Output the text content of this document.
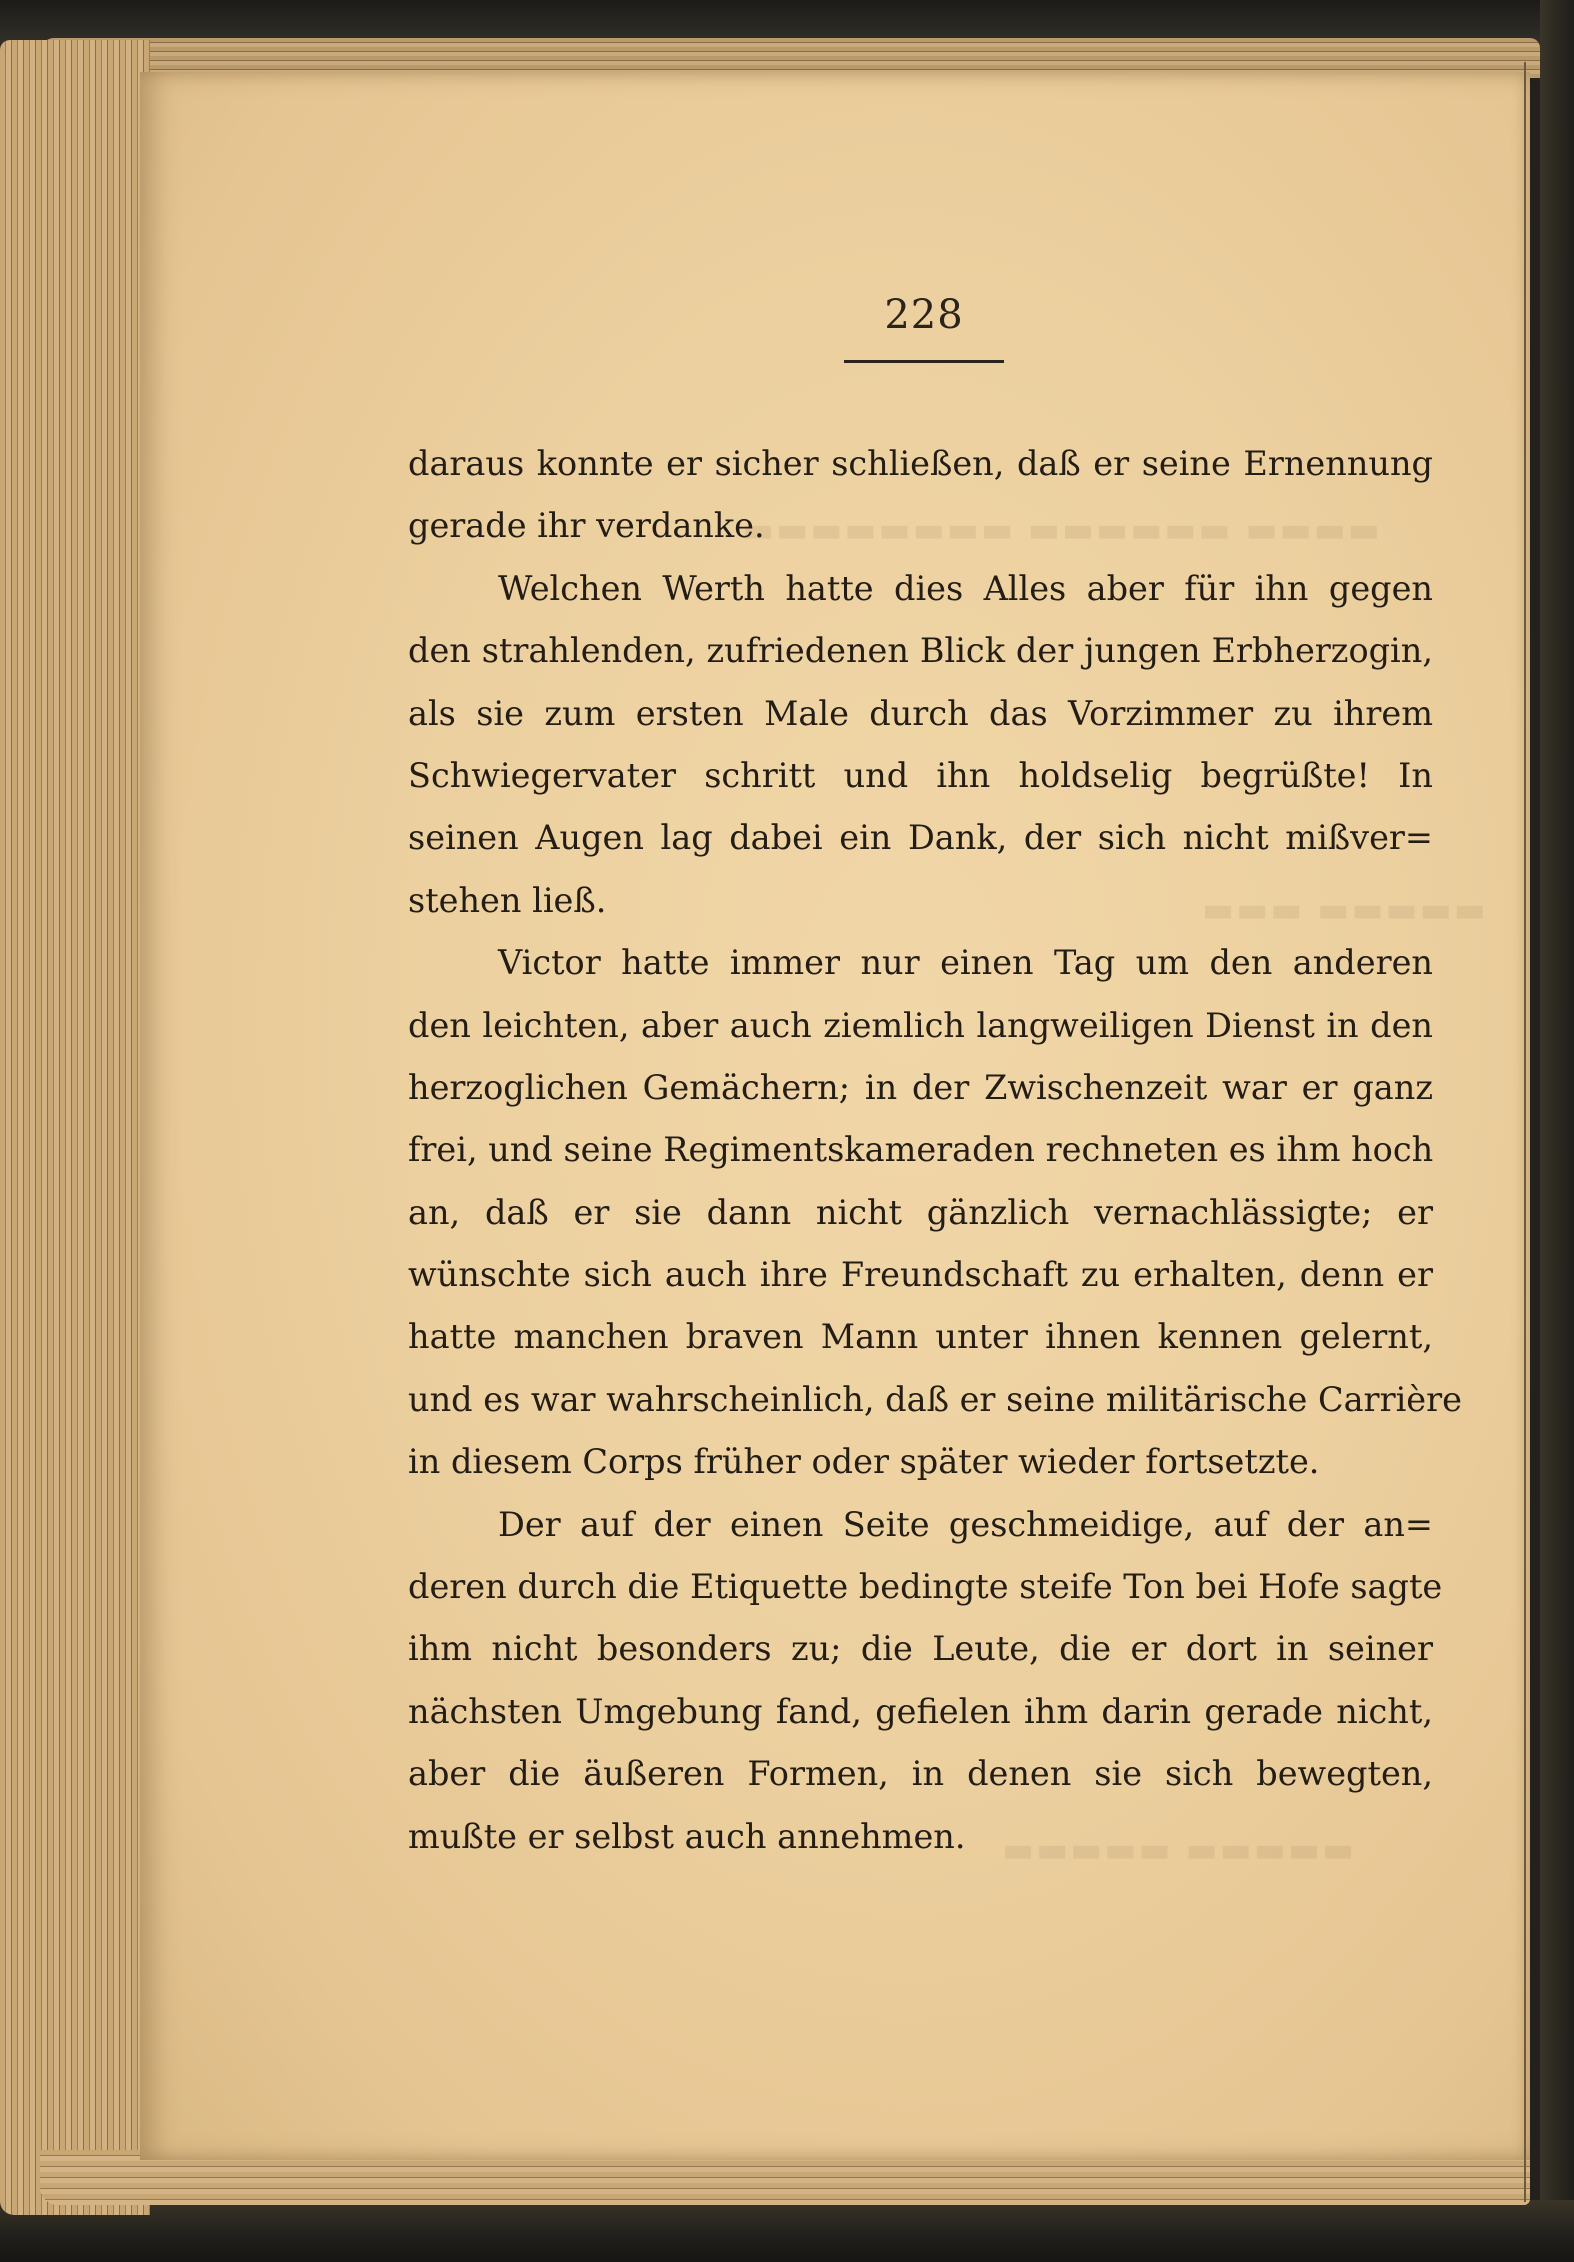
▬▬▬▬ ▬▬▬▬▬▬ ▬▬▬▬▬▬▬▬
▬▬▬▬▬ ▬▬▬
▬▬▬▬▬ ▬▬▬▬▬
228
daraus konnte er sicher schließen, daß er seine Ernennung
gerade ihr verdanke.
Welchen Werth hatte dies Alles aber für ihn gegen
den strahlenden, zufriedenen Blick der jungen Erbherzogin,
als sie zum ersten Male durch das Vorzimmer zu ihrem
Schwiegervater schritt und ihn holdselig begrüßte! In
seinen Augen lag dabei ein Dank, der sich nicht mißver=
stehen ließ.
Victor hatte immer nur einen Tag um den anderen
den leichten, aber auch ziemlich langweiligen Dienst in den
herzoglichen Gemächern; in der Zwischenzeit war er ganz
frei, und seine Regimentskameraden rechneten es ihm hoch
an, daß er sie dann nicht gänzlich vernachlässigte; er
wünschte sich auch ihre Freundschaft zu erhalten, denn er
hatte manchen braven Mann unter ihnen kennen gelernt,
und es war wahrscheinlich, daß er seine militärische Carrière
in diesem Corps früher oder später wieder fortsetzte.
Der auf der einen Seite geschmeidige, auf der an=
deren durch die Etiquette bedingte steife Ton bei Hofe sagte
ihm nicht besonders zu; die Leute, die er dort in seiner
nächsten Umgebung fand, gefielen ihm darin gerade nicht,
aber die äußeren Formen, in denen sie sich bewegten,
mußte er selbst auch annehmen.
